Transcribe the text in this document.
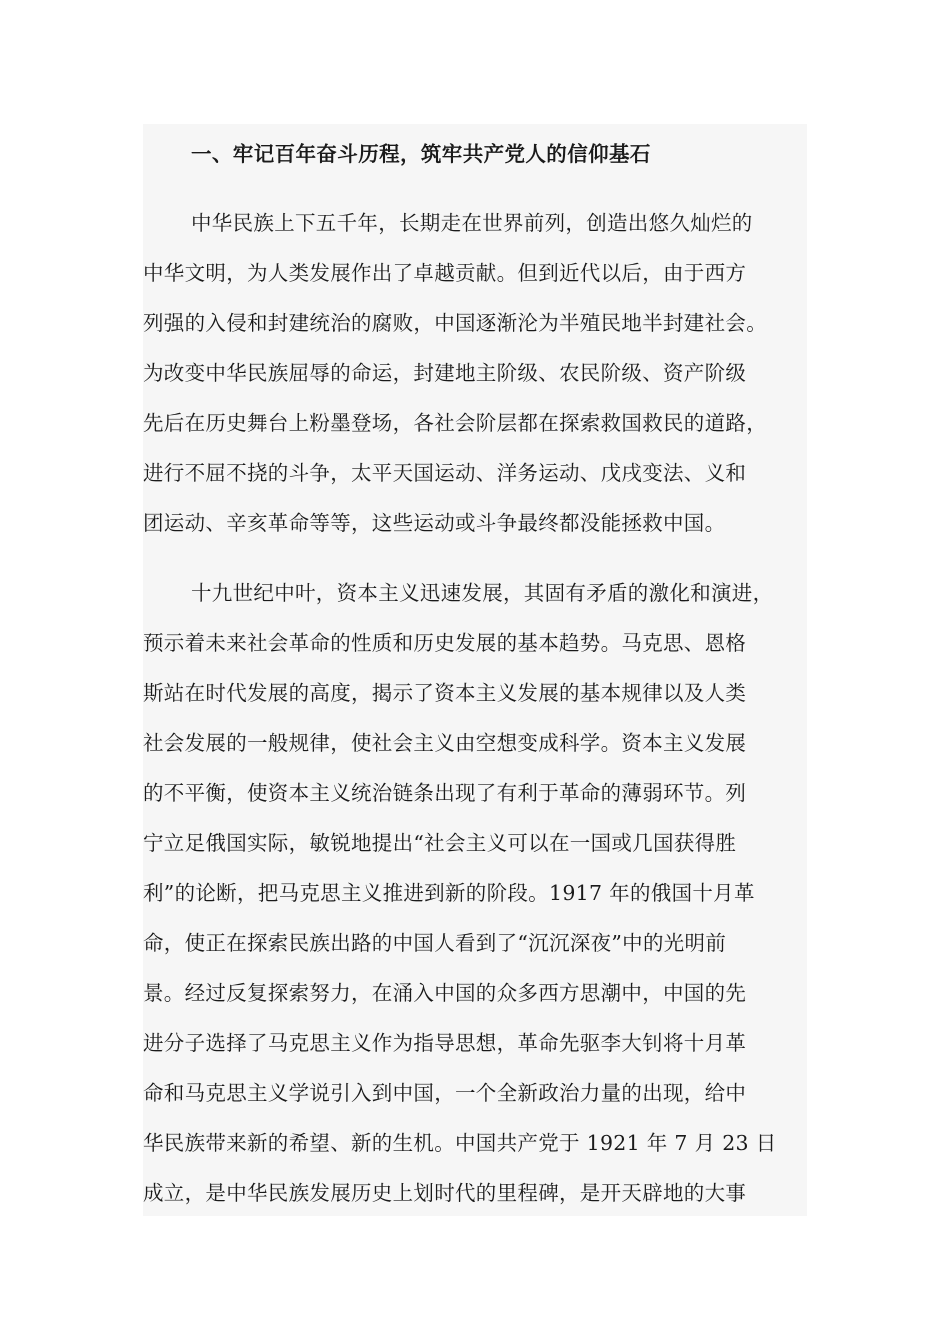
一、牢记百年奋斗历程，筑牢共产党人的信仰基石
中华民族上下五千年，长期走在世界前列，创造出悠久灿烂的
中华文明，为人类发展作出了卓越贡献。但到近代以后，由于西方
列强的入侵和封建统治的腐败，中国逐渐沦为半殖民地半封建社会。
为改变中华民族屈辱的命运，封建地主阶级、农民阶级、资产阶级
先后在历史舞台上粉墨登场，各社会阶层都在探索救国救民的道路，
进行不屈不挠的斗争，太平天国运动、洋务运动、戊戌变法、义和
团运动、辛亥革命等等，这些运动或斗争最终都没能拯救中国。
十九世纪中叶，资本主义迅速发展，其固有矛盾的激化和演进，
预示着未来社会革命的性质和历史发展的基本趋势。马克思、恩格
斯站在时代发展的高度，揭示了资本主义发展的基本规律以及人类
社会发展的一般规律，使社会主义由空想变成科学。资本主义发展
的不平衡，使资本主义统治链条出现了有利于革命的薄弱环节。列
宁立足俄国实际，敏锐地提出“社会主义可以在一国或几国获得胜
利”的论断，把马克思主义推进到新的阶段。1917 年的俄国十月革
命，使正在探索民族出路的中国人看到了“沉沉深夜”中的光明前
景。经过反复探索努力，在涌入中国的众多西方思潮中，中国的先
进分子选择了马克思主义作为指导思想，革命先驱李大钊将十月革
命和马克思主义学说引入到中国，一个全新政治力量的出现，给中
华民族带来新的希望、新的生机。中国共产党于 1921 年 7 月 23 日
成立，是中华民族发展历史上划时代的里程碑，是开天辟地的大事
